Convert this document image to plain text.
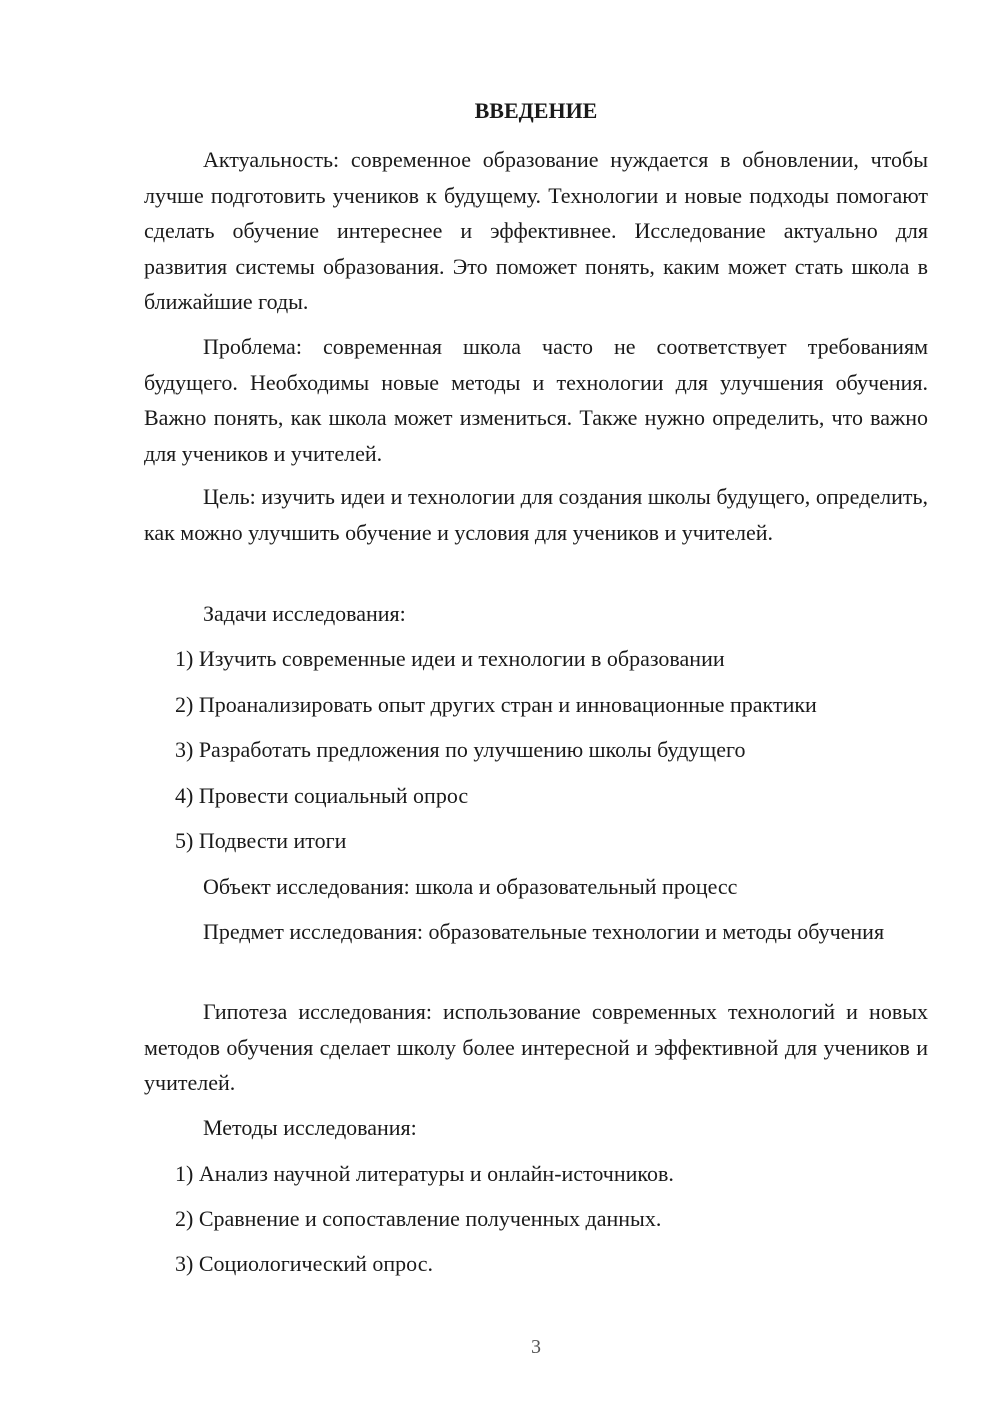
ВВЕДЕНИЕ

Актуальность: современное образование нуждается в обновлении, чтобы лучше подготовить учеников к будущему. Технологии и новые подходы помогают сделать обучение интереснее и эффективнее. Исследование актуально для развития системы образования. Это поможет понять, каким может стать школа в ближайшие годы.

Проблема: современная школа часто не соответствует требованиям будущего. Необходимы новые методы и технологии для улучшения обучения. Важно понять, как школа может измениться. Также нужно определить, что важно для учеников и учителей.

Цель: изучить идеи и технологии для создания школы будущего, определить, как можно улучшить обучение и условия для учеников и учителей.

Задачи исследования:

1) Изучить современные идеи и технологии в образовании

2) Проанализировать опыт других стран и инновационные практики

3) Разработать предложения по улучшению школы будущего

4) Провести социальный опрос

5) Подвести итоги

Объект исследования: школа и образовательный процесс

Предмет исследования: образовательные технологии и методы обучения

Гипотеза исследования: использование современных технологий и новых методов обучения сделает школу более интересной и эффективной для учеников и учителей.

Методы исследования:

1) Анализ научной литературы и онлайн-источников.

2) Сравнение и сопоставление полученных данных.

3) Социологический опрос.

3
